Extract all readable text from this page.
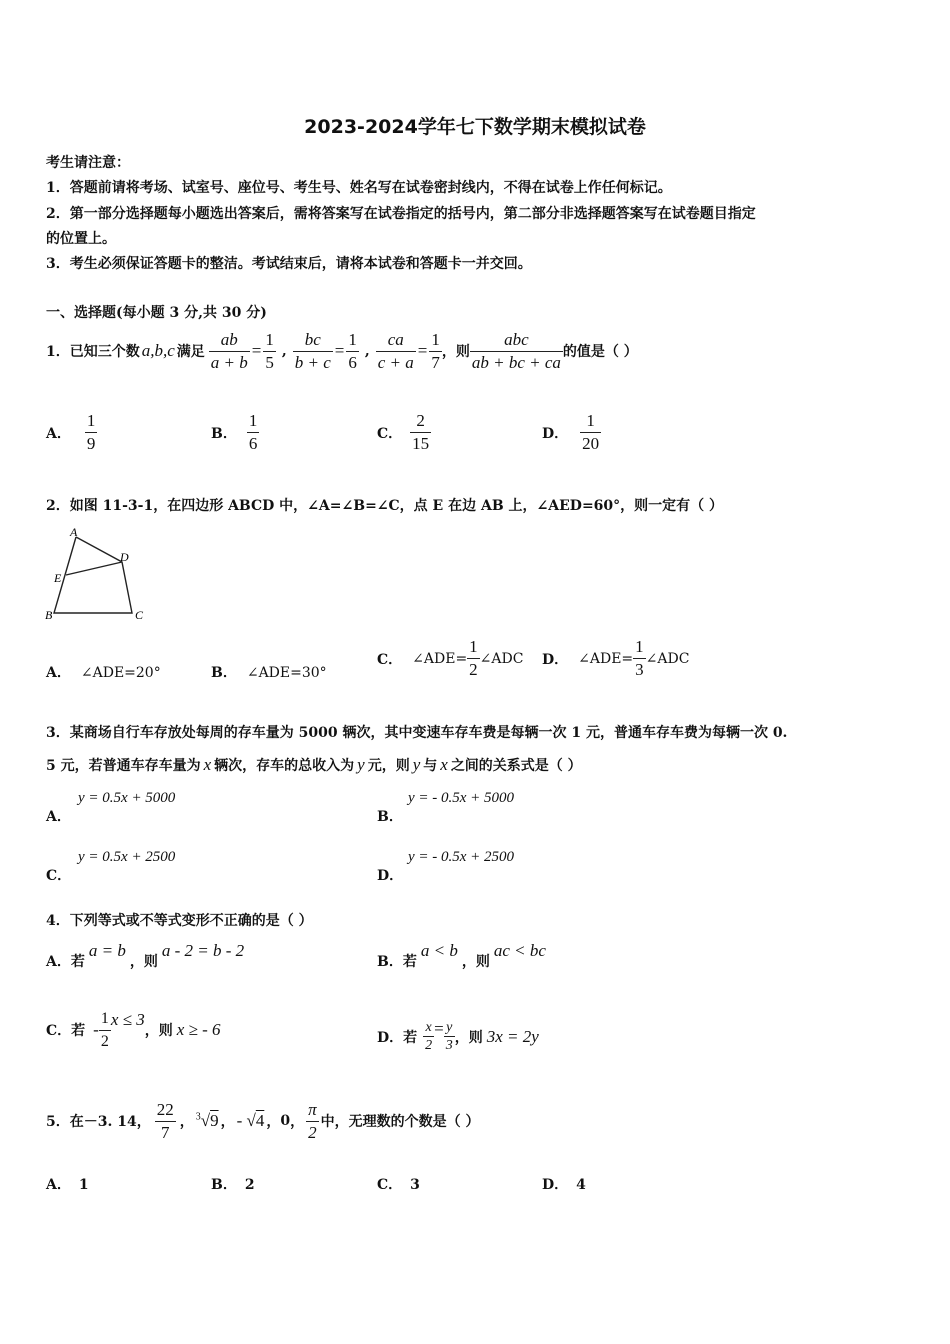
2023-2024学年七下数学期末模拟试卷
考生请注意：
1．答题前请将考场、试室号、座位号、考生号、姓名写在试卷密封线内，不得在试卷上作任何标记。
2．第一部分选择题每小题选出答案后，需将答案写在试卷指定的括号内，第二部分非选择题答案写在试卷题目指定
的位置上。
3．考生必须保证答题卡的整洁。考试结束后，请将本试卷和答题卡一并交回。
一、选择题(每小题 3 分,共 30 分)
1．已知三个数 a,b,c 满足 $\frac{ab}{a + b} = \frac{1}{5}$ , $\frac{bc}{b + c} = \frac{1}{6}$ , $\frac{ca}{c + a} = \frac{1}{7}$ ，则 $\frac{\text{abc}}{ab + bc + ca}$ 的值是（ ）
A． $\frac{1}{9}$	B． $\frac{1}{6}$	C． $\frac{2}{15}$	D． $\frac{1}{20}$
2．如图 11-3-1，在四边形 ABCD 中，∠A=∠B=∠C，点 E 在边 AB 上，∠AED=60°，则一定有（ ）
A
B	C
D
E
A． ∠ADE=20°	B． ∠ADE=30°
C． ∠ADE= $\frac{1}{2}$ ∠ADC D． ∠ADE= $\frac{1}{3}$ ∠ADC
3．某商场自行车存放处每周的存车量为 5000 辆次，其中变速车存车费是每辆一次 1 元，普通车存车费为每辆一次 0.
5 元，若普通车存车量为 x 辆次，存车的总收入为 y 元，则 y 与 x 之间的关系式是（ ）
A．
y = 0.5x + 5000
B．
y = - 0.5x + 5000
C．
y = 0.5x + 2500
D．
y = - 0.5x + 2500
4．下列等式或不等式变形不正确的是（ ）
A． 若
a = b
，则
a - 2 = b - 2
B． 若
a < b
，则
ac < bc
C． 若 - $\frac{1}{2}$ x ≤ 3
，则 x ≥ - 6	D． 若 $\frac{x}{2} = \frac{y}{3}$ ，则 3x = 2y
5．在－3. 14， $\frac{22}{7}$ ， $^3$√9 ， - √4 ， 0 ， $\frac{\pi}{2}$ 中，无理数的个数是（ ）
A． 1	B． 2	C． 3	D． 4
